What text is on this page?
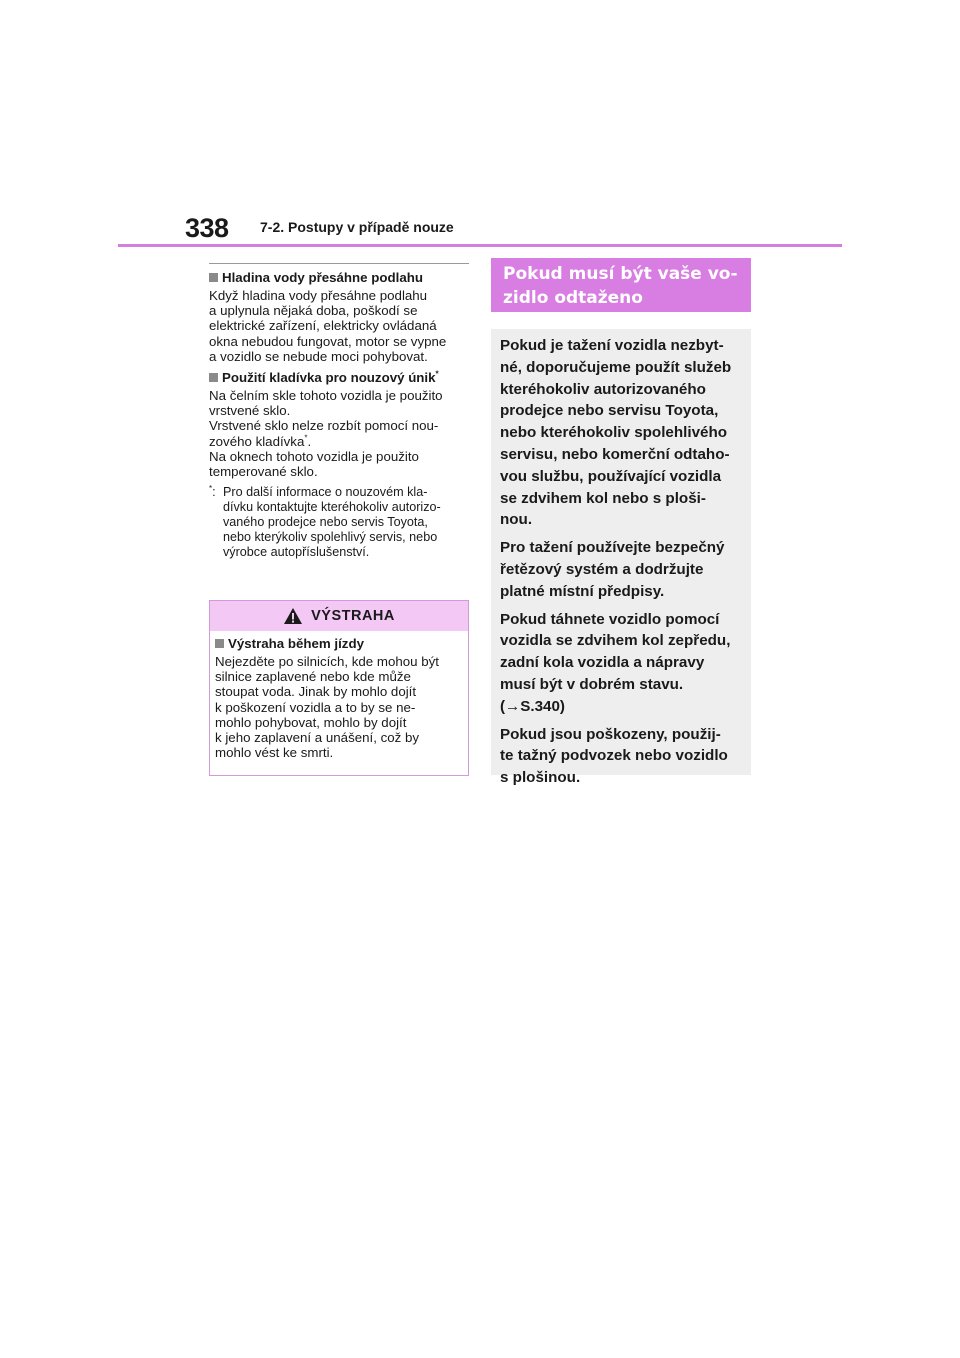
338 7-2. Postupy v případě nouze
Hladina vody přesáhne podlahu
Když hladina vody přesáhne podlahu
a uplynula nějaká doba, poškodí se
elektrické zařízení, elektricky ovládaná
okna nebudou fungovat, motor se vypne
a vozidlo se nebude moci pohybovat.
Použití kladívka pro nouzový únik*
Na čelním skle tohoto vozidla je použito
vrstvené sklo.
Vrstvené sklo nelze rozbít pomocí nou-
zového kladívka*.
Na oknech tohoto vozidla je použito
temperované sklo.
*: Pro další informace o nouzovém kla-
dívku kontaktujte kteréhokoliv autorizo-
vaného prodejce nebo servis Toyota,
nebo kterýkoliv spolehlivý servis, nebo
výrobce autopříslušenství.
VÝSTRAHA
Výstraha během jízdy
Nejezděte po silnicích, kde mohou být
silnice zaplavené nebo kde může
stoupat voda. Jinak by mohlo dojít
k poškození vozidla a to by se ne-
mohlo pohybovat, mohlo by dojít
k jeho zaplavení a unášení, což by
mohlo vést ke smrti.
Pokud musí být vaše vo-
zidlo odtaženo
Pokud je tažení vozidla nezbyt-
né, doporučujeme použít služeb
kteréhokoliv autorizovaného
prodejce nebo servisu Toyota,
nebo kteréhokoliv spolehlivého
servisu, nebo komerční odtaho-
vou službu, používající vozidla
se zdvihem kol nebo s ploši-
nou.
Pro tažení používejte bezpečný
řetězový systém a dodržujte
platné místní předpisy.
Pokud táhnete vozidlo pomocí
vozidla se zdvihem kol zepředu,
zadní kola vozidla a nápravy
musí být v dobrém stavu.
(→S.340)
Pokud jsou poškozeny, použij-
te tažný podvozek nebo vozidlo
s plošinou.
